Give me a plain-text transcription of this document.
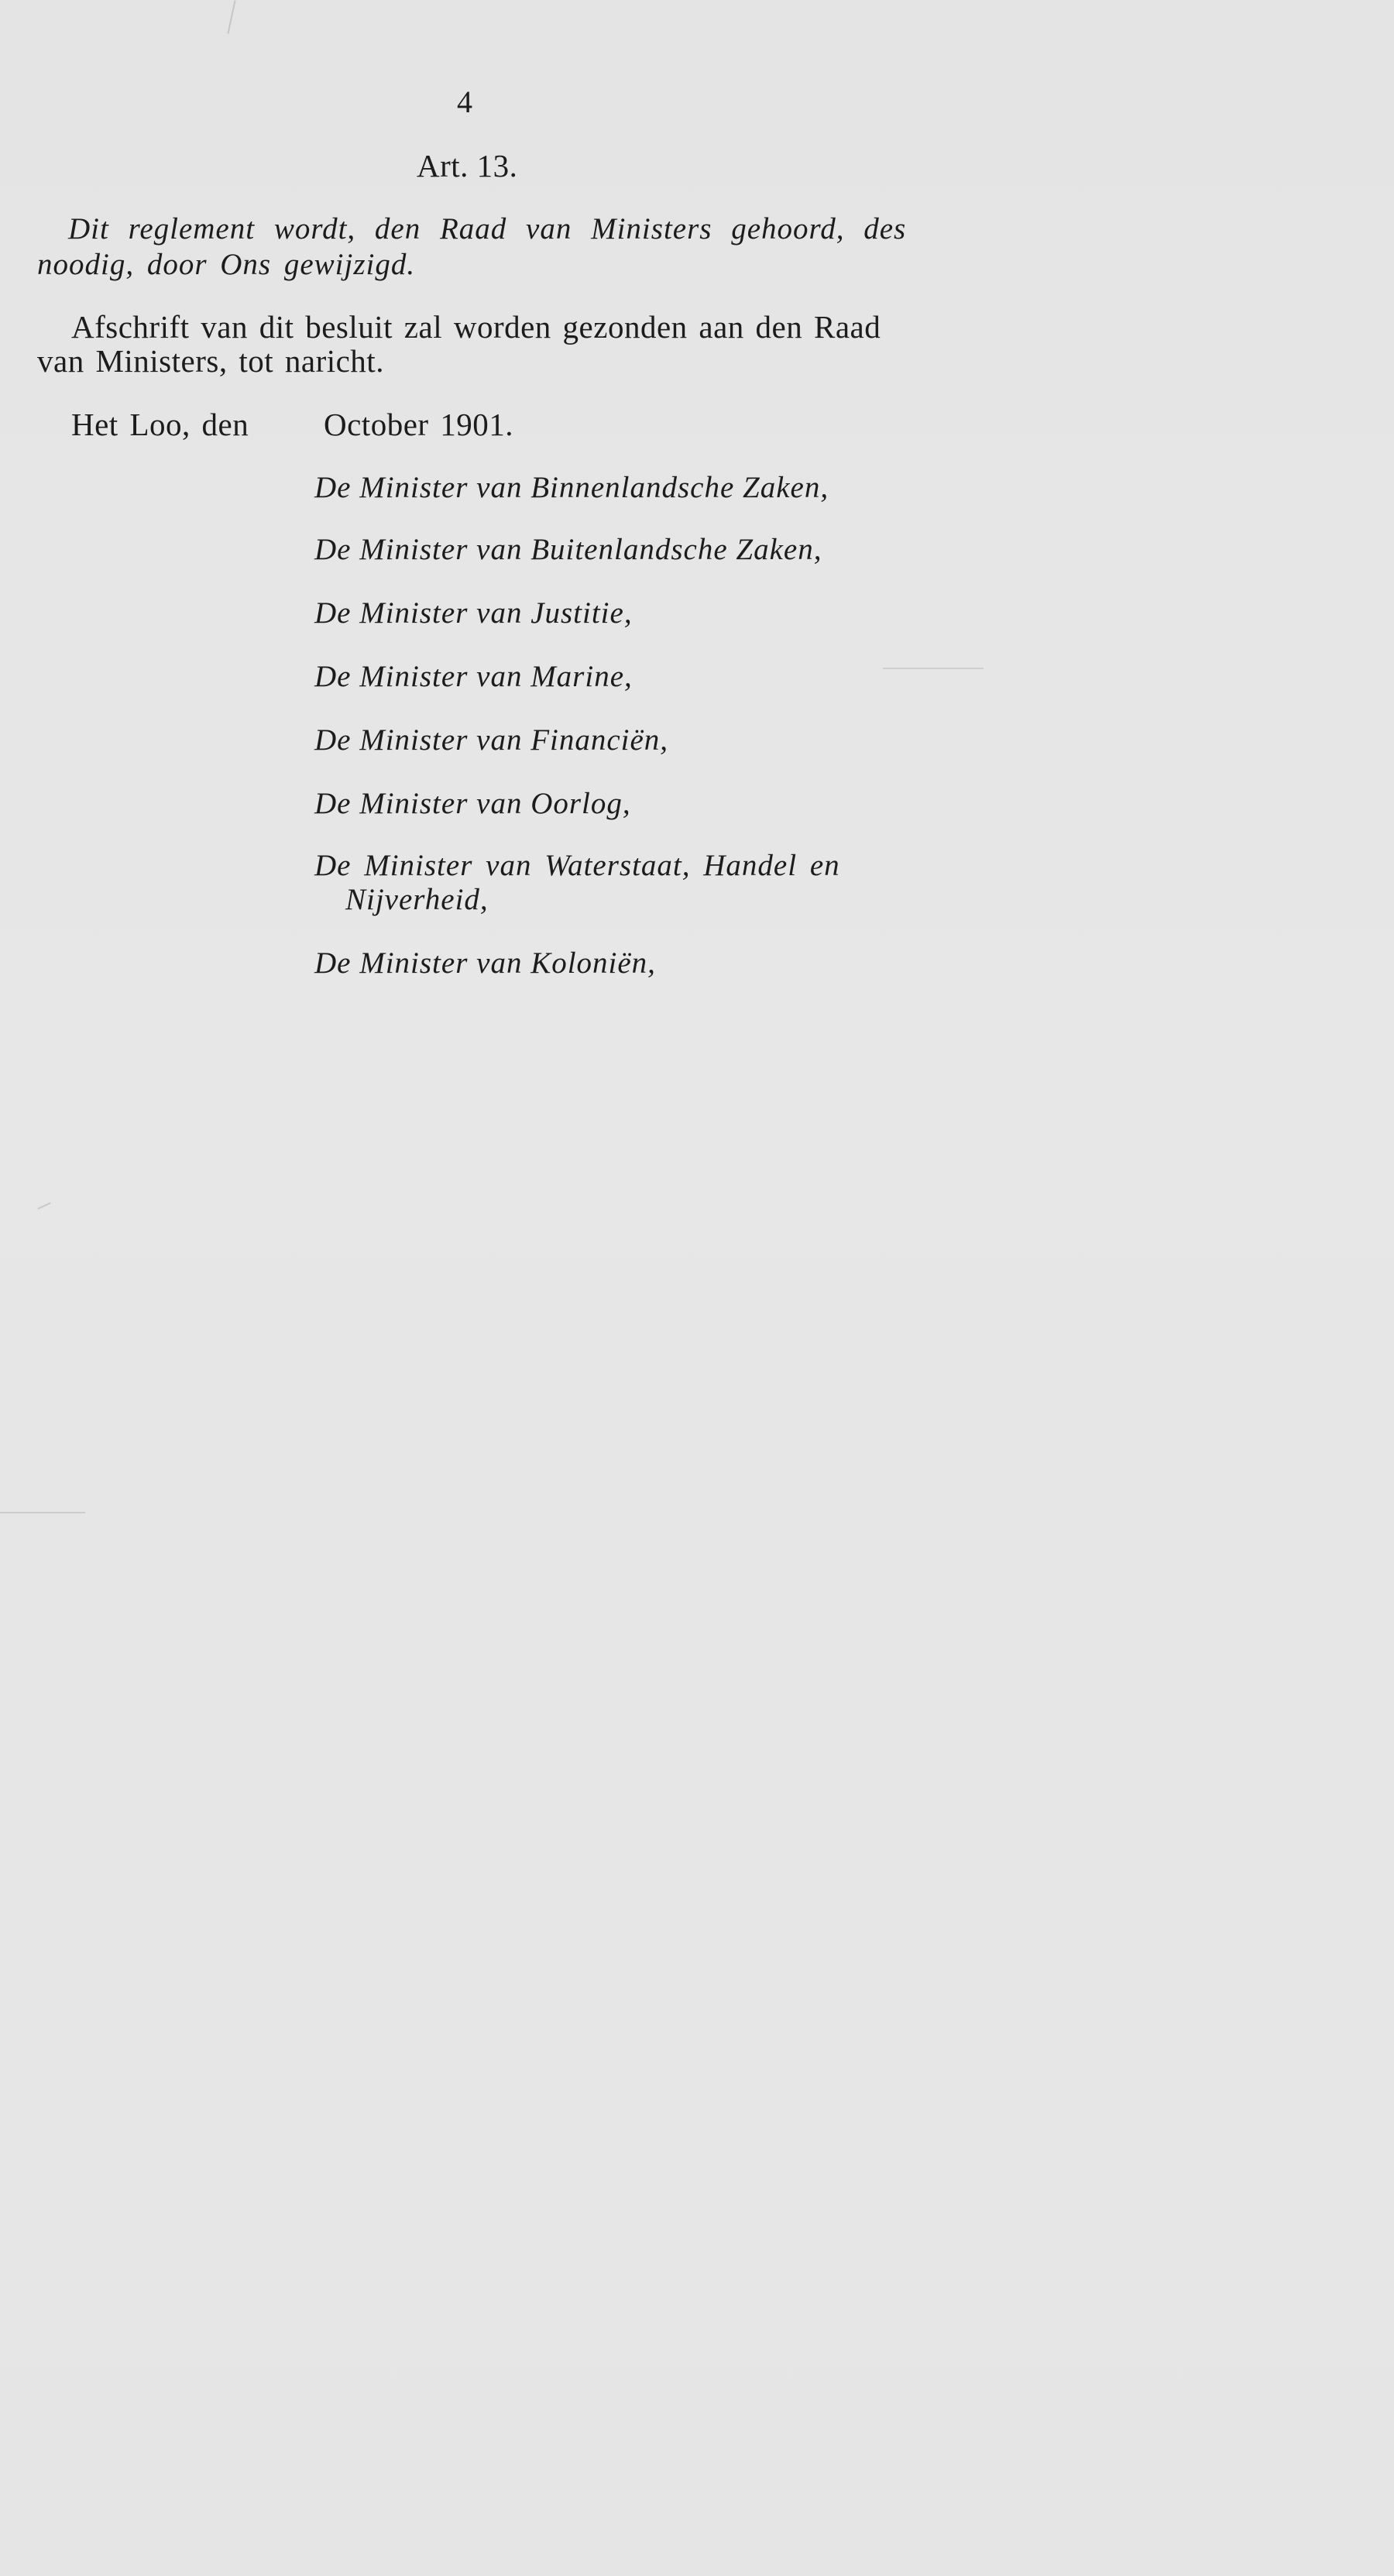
4
Art. 13.
Dit reglement wordt, den Raad van Ministers gehoord, des
noodig, door Ons gewijzigd.
Afschrift van dit besluit zal worden gezonden aan den Raad
van Ministers, tot naricht.
Het Loo, den October 1901.
De Minister van Binnenlandsche Zaken,
De Minister van Buitenlandsche Zaken,
De Minister van Justitie,
De Minister van Marine,
De Minister van Financiën,
De Minister van Oorlog,
De Minister van Waterstaat, Handel en
Nijverheid,
De Minister van Koloniën,
